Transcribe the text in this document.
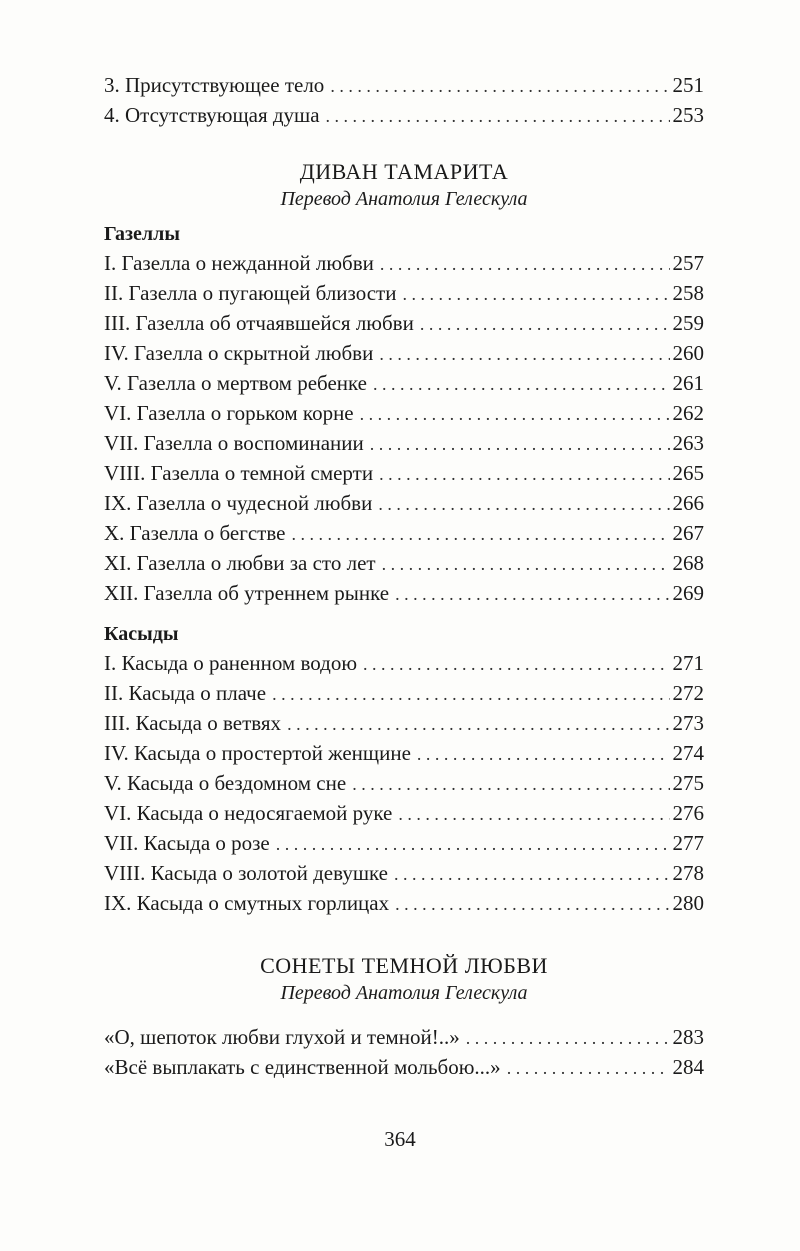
3. Присутствующее тело . . .	251
4. Отсутствующая душа . . .	253
ДИВАН ТАМАРИТА
Перевод Анатолия Гелескула
Газеллы
I. Газелла о нежданной любви . . .	257
II. Газелла о пугающей близости . . .	258
III. Газелла об отчаявшейся любви . . .	259
IV. Газелла о скрытной любви . . .	260
V. Газелла о мертвом ребенке . . .	261
VI. Газелла о горьком корне . . .	262
VII. Газелла о воспоминании . . .	263
VIII. Газелла о темной смерти . . .	265
IX. Газелла о чудесной любви . . .	266
X. Газелла о бегстве . . .	267
XI. Газелла о любви за сто лет . . .	268
XII. Газелла об утреннем рынке . . .	269
Касыды
I. Касыда о раненном водою . . .	271
II. Касыда о плаче . . .	272
III. Касыда о ветвях . . .	273
IV. Касыда о простертой женщине . . .	274
V. Касыда о бездомном сне . . .	275
VI. Касыда о недосягаемой руке . . .	276
VII. Касыда о розе . . .	277
VIII. Касыда о золотой девушке . . .	278
IX. Касыда о смутных горлицах . . .	280
СОНЕТЫ ТЕМНОЙ ЛЮБВИ
Перевод Анатолия Гелескула
«О, шепоток любви глухой и темной!..» . . .	283
«Всё выплакать с единственной мольбою...» . . .	284
364
